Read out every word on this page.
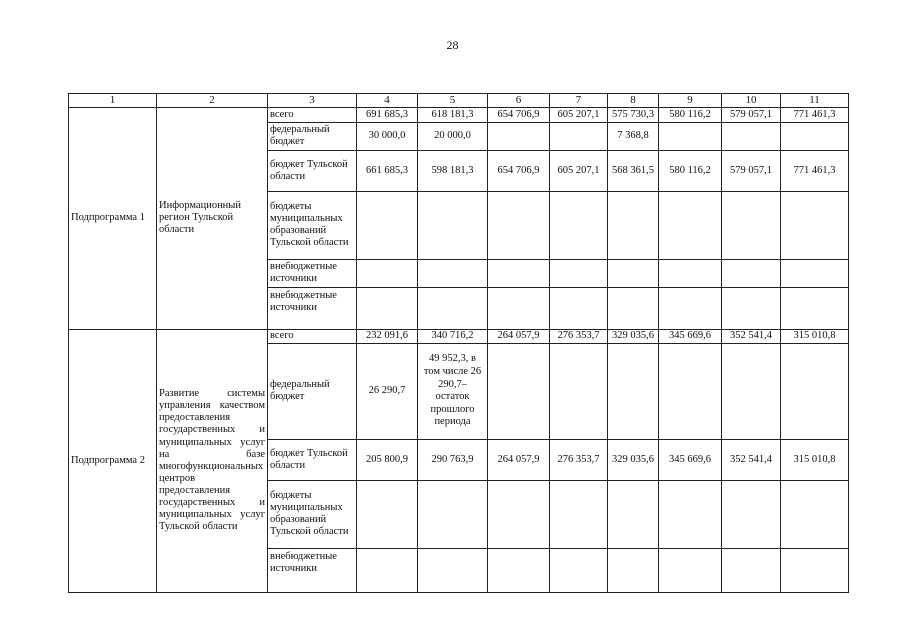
28
1	2	3	4	5	6	7	8	9	10	11
Подпрограмма 1	Информационный регион Тульской области	всего	691 685,3	618 181,3	654 706,9	605 207,1	575 730,3	580 116,2	579 057,1	771 461,3
		федеральный бюджет	30 000,0	20 000,0			7 368,8			
		бюджет Тульской области	661 685,3	598 181,3	654 706,9	605 207,1	568 361,5	580 116,2	579 057,1	771 461,3
		бюджеты муниципальных образований Тульской области								
		внебюджетные источники								
		внебюджетные источники								
Подпрограмма 2	Развитие системы управления качеством предоставления государственных и муниципальных услуг на базе многофункциональных центров предоставления государственных и муниципальных услуг Тульской области	всего	232 091,6	340 716,2	264 057,9	276 353,7	329 035,6	345 669,6	352 541,4	315 010,8
		федеральный бюджет	26 290,7	49 952,3, в том числе 26 290,7– остаток прошлого периода						
		бюджет Тульской области	205 800,9	290 763,9	264 057,9	276 353,7	329 035,6	345 669,6	352 541,4	315 010,8
		бюджеты муниципальных образований Тульской области								
		внебюджетные источники								
